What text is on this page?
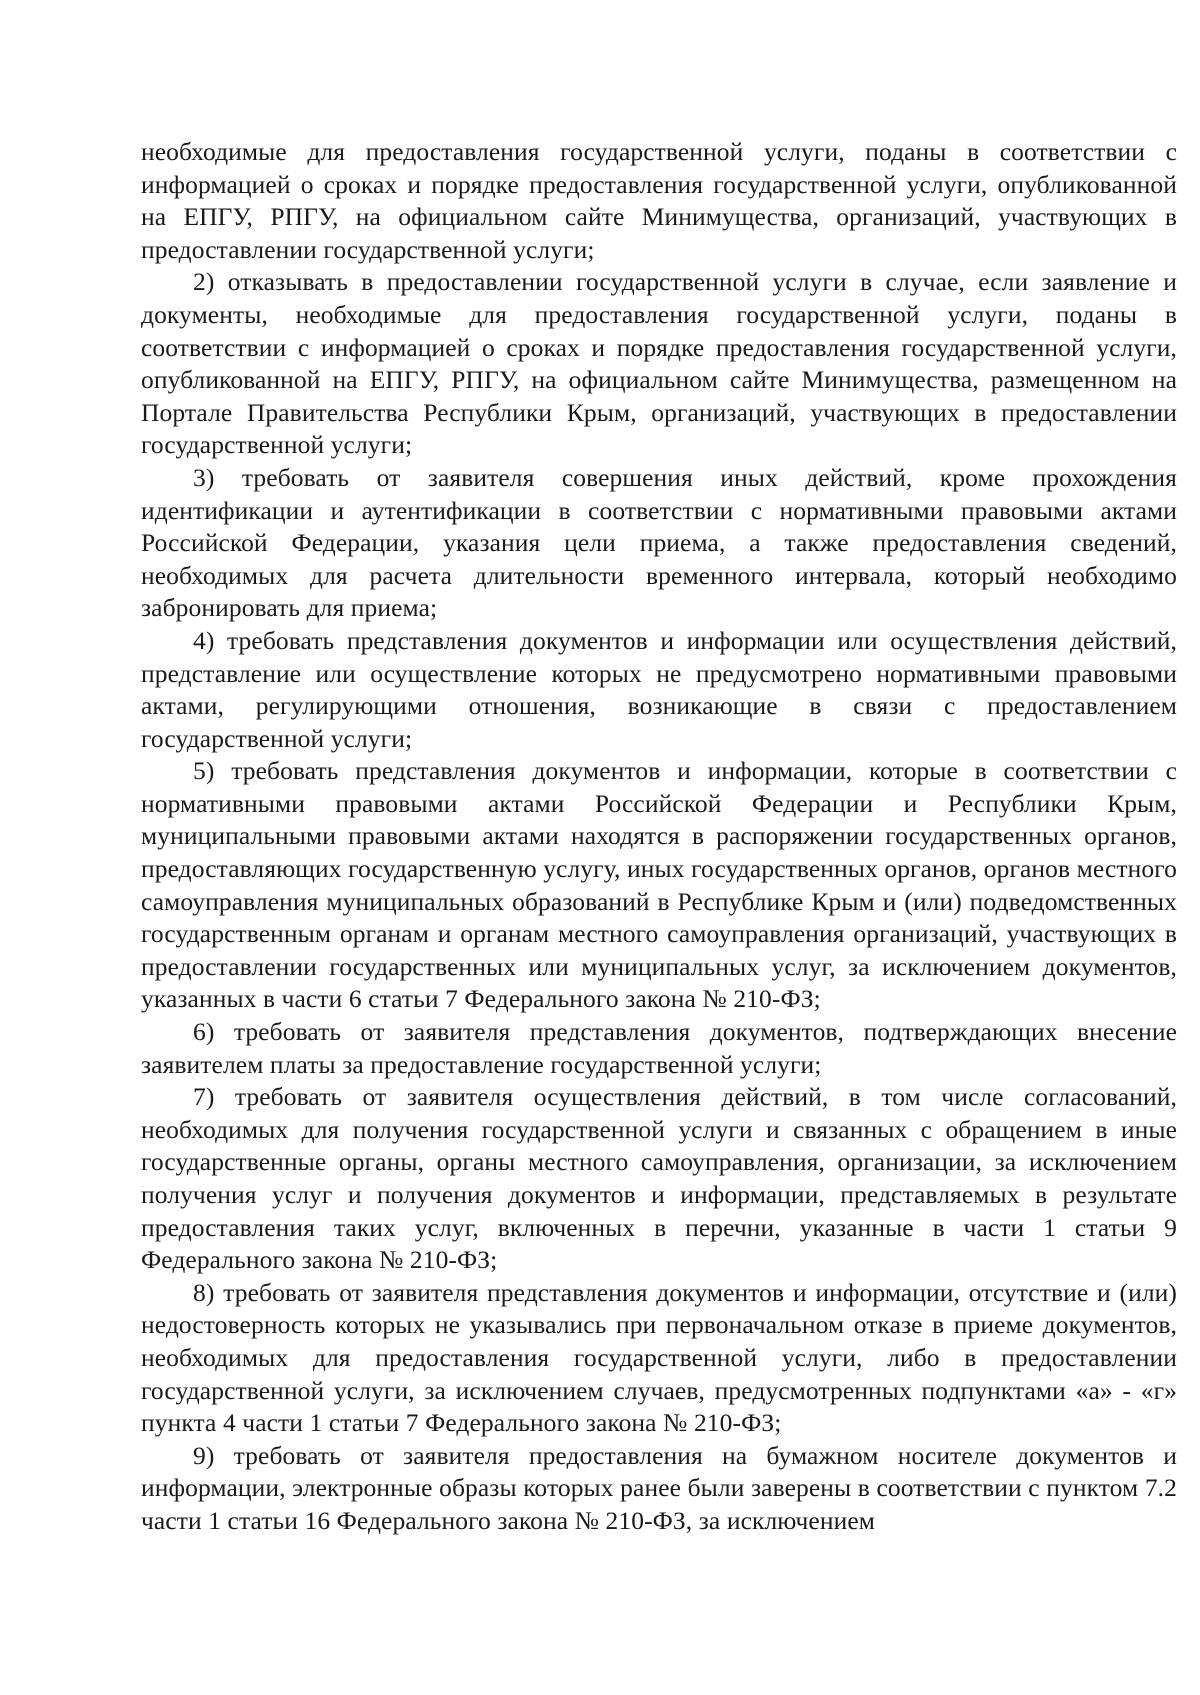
необходимые для предоставления государственной услуги, поданы в соответствии с информацией о сроках и порядке предоставления государственной услуги, опубликованной на ЕПГУ, РПГУ, на официальном сайте Минимущества, организаций, участвующих в предоставлении государственной услуги;

2) отказывать в предоставлении государственной услуги в случае, если заявление и документы, необходимые для предоставления государственной услуги, поданы в соответствии с информацией о сроках и порядке предоставления государственной услуги, опубликованной на ЕПГУ, РПГУ, на официальном сайте Минимущества, размещенном на Портале Правительства Республики Крым, организаций, участвующих в предоставлении государственной услуги;

3) требовать от заявителя совершения иных действий, кроме прохождения идентификации и аутентификации в соответствии с нормативными правовыми актами Российской Федерации, указания цели приема, а также предоставления сведений, необходимых для расчета длительности временного интервала, который необходимо забронировать для приема;

4) требовать представления документов и информации или осуществления действий, представление или осуществление которых не предусмотрено нормативными правовыми актами, регулирующими отношения, возникающие в связи с предоставлением государственной услуги;

5) требовать представления документов и информации, которые в соответствии с нормативными правовыми актами Российской Федерации и Республики Крым, муниципальными правовыми актами находятся в распоряжении государственных органов, предоставляющих государственную услугу, иных государственных органов, органов местного самоуправления муниципальных образований в Республике Крым и (или) подведомственных государственным органам и органам местного самоуправления организаций, участвующих в предоставлении государственных или муниципальных услуг, за исключением документов, указанных в части 6 статьи 7 Федерального закона № 210-ФЗ;

6) требовать от заявителя представления документов, подтверждающих внесение заявителем платы за предоставление государственной услуги;

7) требовать от заявителя осуществления действий, в том числе согласований, необходимых для получения государственной услуги и связанных с обращением в иные государственные органы, органы местного самоуправления, организации, за исключением получения услуг и получения документов и информации, представляемых в результате предоставления таких услуг, включенных в перечни, указанные в части 1 статьи 9 Федерального закона № 210-ФЗ;

8) требовать от заявителя представления документов и информации, отсутствие и (или) недостоверность которых не указывались при первоначальном отказе в приеме документов, необходимых для предоставления государственной услуги, либо в предоставлении государственной услуги, за исключением случаев, предусмотренных подпунктами «а» - «г» пункта 4 части 1 статьи 7 Федерального закона № 210-ФЗ;

9) требовать от заявителя предоставления на бумажном носителе документов и информации, электронные образы которых ранее были заверены в соответствии с пунктом 7.2 части 1 статьи 16 Федерального закона № 210-ФЗ, за исключением
